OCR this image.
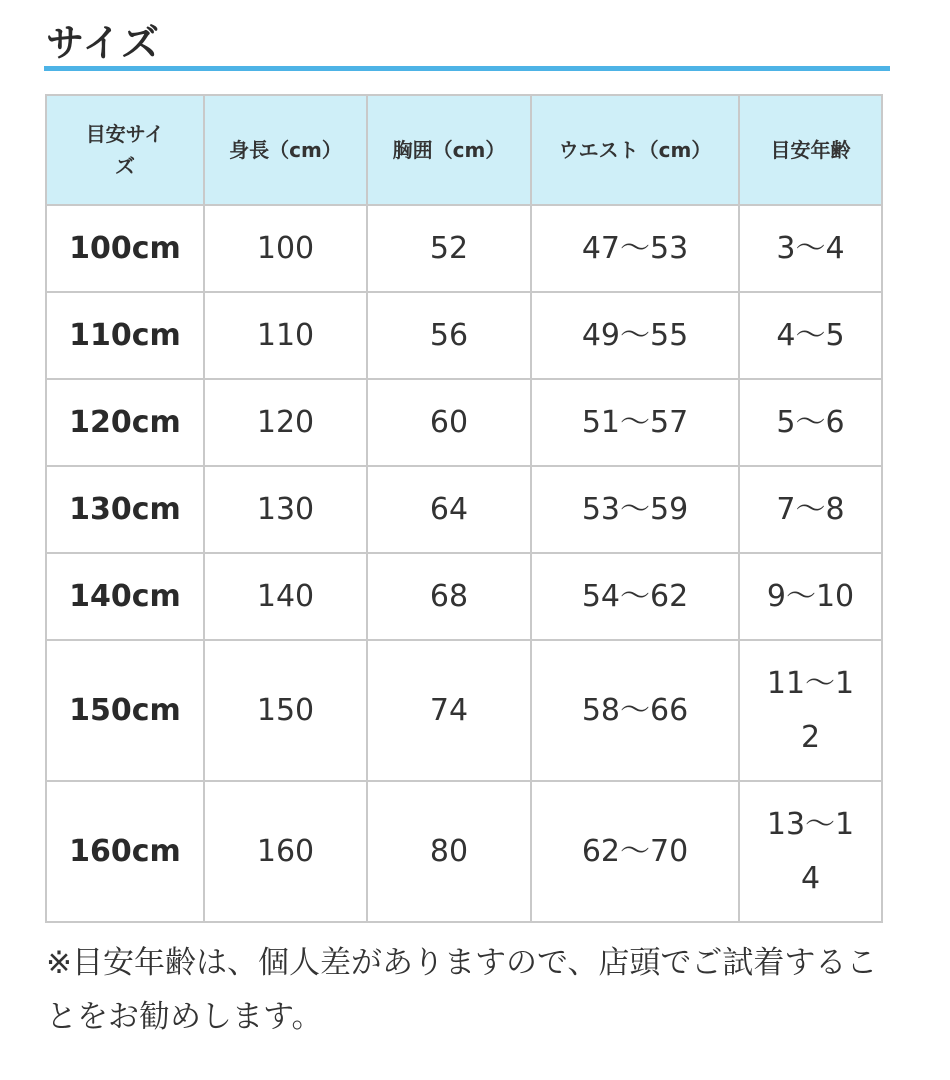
サイズ
目安サイズ	身長（cm）	胸囲（cm）	ウエスト（cm）	目安年齢
100cm	100	52	47〜53	3〜4
110cm	110	56	49〜55	4〜5
120cm	120	60	51〜57	5〜6
130cm	130	64	53〜59	7〜8
140cm	140	68	54〜62	9〜10
150cm	150	74	58〜66	11〜12
160cm	160	80	62〜70	13〜14
※目安年齢は、個人差がありますので、店頭でご試着することをお勧めします。
